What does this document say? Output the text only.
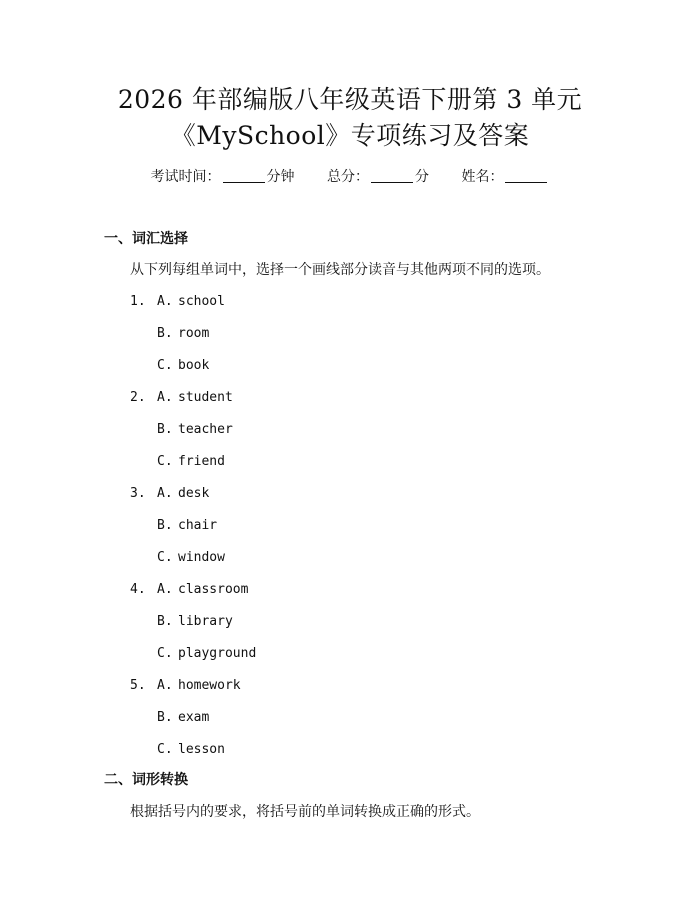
2026 年部编版八年级英语下册第 3 单元
《MySchool》专项练习及答案
考试时间：	分钟 总分：	分 姓名：
一、词汇选择
从下列每组单词中，选择一个画线部分读音与其他两项不同的选项。
1. A. school
B. room
C. book
2. A. student
B. teacher
C. friend
3. A. desk
B. chair
C. window
4. A. classroom
B. library
C. playground
5. A. homework
B. exam
C. lesson
二、词形转换
根据括号内的要求，将括号前的单词转换成正确的形式。
